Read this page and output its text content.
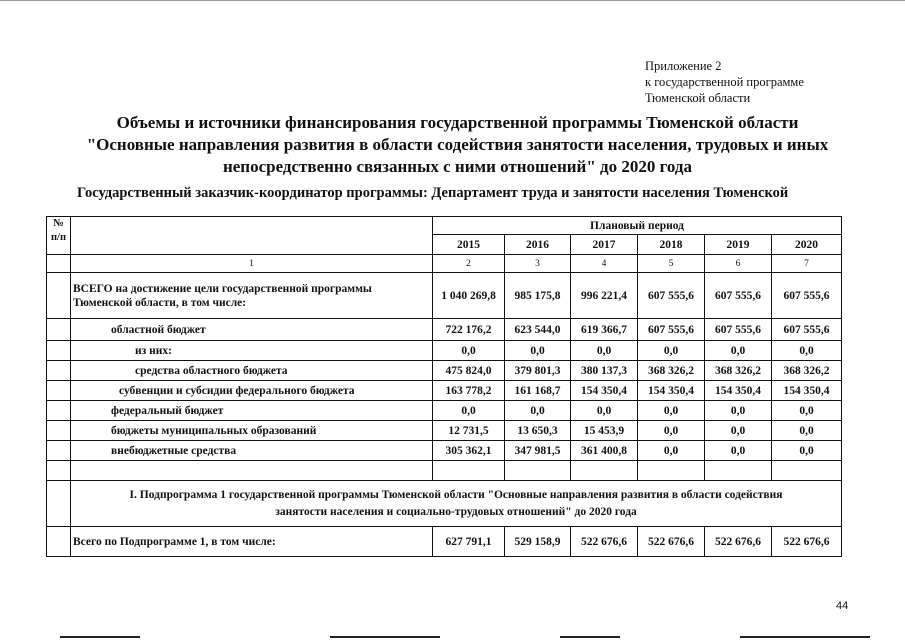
Приложение 2
к государственной программе
Тюменской области
Объемы и источники финансирования государственной программы Тюменской области
"Основные направления развития в области содействия занятости населения, трудовых и иных
непосредственно связанных с ними отношений" до 2020 года
Государственный заказчик-координатор программы: Департамент труда и занятости населения Тюменской
№
п/п		Плановый период					
		2015	2016	2017	2018	2019	2020
	1	2	3	4	5	6	7
	ВСЕГО на достижение цели государственной программы Тюменской области, в том числе:	1 040 269,8	985 175,8	996 221,4	607 555,6	607 555,6	607 555,6
	областной бюджет	722 176,2	623 544,0	619 366,7	607 555,6	607 555,6	607 555,6
	из них:	0,0	0,0	0,0	0,0	0,0	0,0
	средства областного бюджета	475 824,0	379 801,3	380 137,3	368 326,2	368 326,2	368 326,2
	субвенции и субсидии федерального бюджета	163 778,2	161 168,7	154 350,4	154 350,4	154 350,4	154 350,4
	федеральный бюджет	0,0	0,0	0,0	0,0	0,0	0,0
	бюджеты муниципальных образований	12 731,5	13 650,3	15 453,9	0,0	0,0	0,0
	внебюджетные средства	305 362,1	347 981,5	361 400,8	0,0	0,0	0,0

	I. Подпрограмма 1 государственной программы Тюменской области "Основные направления развития в области содействия
занятости населения и социально-трудовых отношений" до 2020 года						

	Всего по Подпрограмме 1, в том числе:	627 791,1	529 158,9	522 676,6	522 676,6	522 676,6	522 676,6
44
